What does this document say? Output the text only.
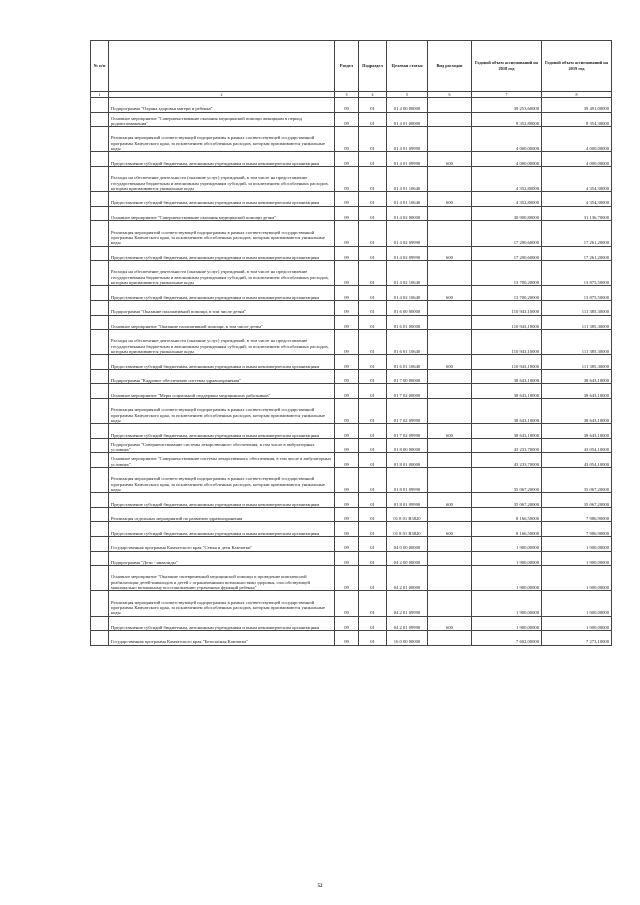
№ п/п		Раздел	Подраздел	Целевая статья	Вид расходов	Годовой объем ассигнований на 2018 год	Годовой объем ассигнований на 2019 год
1	2	3	4	5	6	7	8
	Подпрограмма "Охрана здоровья матери и ребенка"	09	01	01 4 00 00000		39 253,60000	39 491,00000
	Основное мероприятие "Совершенствование оказания медицинской помощи женщинам в период родовспоможения"	09	01	01 4 01 00000		8 352,80000	8 354,30000
	Реализация мероприятий соответствующей подпрограммы в рамках соответствующей государственной программы Камчатского края, за исключением обособленных расходов, которым присваиваются уникальные коды	09	01	01 4 01 09990		4 000,00000	4 000,00000
	Предоставление субсидий бюджетным, автономным учреждениям и иным некоммерческим организациям	09	01	01 4 01 09990	600	4 000,00000	4 000,00000
	Расходы на обеспечение деятельности (оказание услуг) учреждений, в том числе на предоставление государственным бюджетным и автономным учреждениям субсидий, за исключением обособленных расходов, которым присваиваются уникальные коды	09	01	01 4 01 10640		4 352,80000	4 354,30000
	Предоставление субсидий бюджетным, автономным учреждениям и иным некоммерческим организациям	09	01	01 4 01 10640	600	4 352,80000	4 354,30000
	Основное мероприятие "Совершенствование оказания медицинской помощи детям"	09	01	01 4 02 00000		30 900,80000	31 136,70000
	Реализация мероприятий соответствующей подпрограммы в рамках соответствующей государственной программы Камчатского края, за исключением обособленных расходов, которым присваиваются уникальные коды	09	01	01 4 02 09990		17 200,60000	17 261,20000
	Предоставление субсидий бюджетным, автономным учреждениям и иным некоммерческим организациям	09	01	01 4 02 09990	600	17 200,60000	17 261,20000
	Расходы на обеспечение деятельности (оказание услуг) учреждений, в том числе на предоставление государственным бюджетным и автономным учреждениям субсидий, за исключением обособленных расходов, которым присваиваются уникальные коды	09	01	01 4 02 10640		13 700,20000	13 875,50000
	Предоставление субсидий бюджетным, автономным учреждениям и иным некоммерческим организациям	09	01	01 4 02 10640	600	13 700,20000	13 875,50000
	Подпрограмма "Оказание паллиативной помощи, в том числе детям"	09	01	01 6 00 00000		110 943,10000	111 385,30000
	Основное мероприятие "Оказание паллиативной помощи, в том числе детям"	09	01	01 6 01 00000		110 943,10000	111 385,30000
	Расходы на обеспечение деятельности (оказание услуг) учреждений, в том числе на предоставление государственным бюджетным и автономным учреждениям субсидий, за исключением обособленных расходов, которым присваиваются уникальные коды	09	01	01 6 01 10640		110 943,10000	111 385,30000
	Предоставление субсидий бюджетным, автономным учреждениям и иным некоммерческим организациям	09	01	01 6 01 10640	600	110 943,10000	111 385,30000
	Подпрограмма "Кадровое обеспечение системы здравоохранения"	09	01	01 7 00 00000		38 643,10000	38 643,10000
	Основное мероприятие "Меры социальной поддержки медицинских работников"	09	01	01 7 02 00000		38 643,10000	38 643,10000
	Реализация мероприятий соответствующей подпрограммы в рамках соответствующей государственной программы Камчатского края, за исключением обособленных расходов, которым присваиваются уникальные коды	09	01	01 7 02 09990		38 643,10000	38 643,10000
	Предоставление субсидий бюджетным, автономным учреждениям и иным некоммерческим организациям	09	01	01 7 02 09990	600	38 643,10000	38 643,10000
	Подпрограмма "Совершенствование системы лекарственного обеспечения, в том числе в амбулаторных условиях"	09	01	01 8 00 00000		43 233,70000	43 054,10000
	Основное мероприятие "Совершенствование системы лекарственного обеспечения, в том числе в амбулаторных условиях"	09	01	01 8 01 00000		43 233,70000	43 054,10000
	Реализация мероприятий соответствующей подпрограммы в рамках соответствующей государственной программы Камчатского края, за исключением обособленных расходов, которым присваиваются уникальные коды	09	01	01 8 01 09990		35 067,20000	35 067,20000
	Предоставление субсидий бюджетным, автономным учреждениям и иным некоммерческим организациям	09	01	01 8 01 09990	600	35 067,20000	35 067,20000
	Реализация отдельных мероприятий по развитию здравоохранения	09	01	01 8 01 R3820		8 166,50000	7 986,90000
	Предоставление субсидий бюджетным, автономным учреждениям и иным некоммерческим организациям	09	01	01 8 01 R3820	600	8 166,50000	7 986,90000
	Государственная программа Камчатского края "Семья и дети Камчатки"	09	01	04 0 00 00000		1 900,00000	1 900,00000
	Подпрограмма "Дети - инвалиды"	09	01	04 2 00 00000		1 900,00000	1 900,00000
	Основное мероприятие "Оказание своевременной медицинской помощи и проведение комплексной реабилитации детей-инвалидов и детей с ограниченными возможностями здоровья, способствующей максимально возможному восстановлению утраченных функций ребенка"	09	01	04 2 01 00000		1 900,00000	1 900,00000
	Реализация мероприятий соответствующей подпрограммы в рамках соответствующей государственной программы Камчатского края, за исключением обособленных расходов, которым присваиваются уникальные коды	09	01	04 2 01 09990		1 900,00000	1 900,00000
	Предоставление субсидий бюджетным, автономным учреждениям и иным некоммерческим организациям	09	01	04 2 01 09990	600	1 900,00000	1 900,00000
	Государственная программа Камчатского края "Безопасная Камчатка"	09	01	16 0 00 00000		7 602,00000	7 273,10000
52
